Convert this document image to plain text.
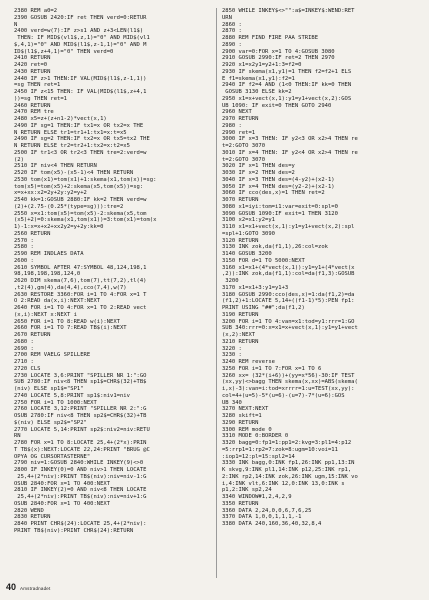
2380 REM a0=2
2390 GOSUB 2420:IF ret THEN verd=0:RETUR
N
2400 verd=w(7):IF z>s1 AND z+3<LEN(l1$)
THEN: IF MID$(vl1$,z,1)="0" AND MID$(vl1
$,4,1)="0" AND MID$(l1$,z-1,1)="0" AND M
ID$(l1$,z+4,1)="0" THEN verd=0
2410 RETURN
2420 ret=0
2430 RETURN
2440 IF z>1 THEN:IF VAL(MID$(l1$,z-1,1))
=sg THEN ret=1
2450 IF z<15 THEN: IF VAL(MID$(l1$,z+4,1
))=sg THEN ret=1
2460 RETURN
2470 REM tre
2480 x5=z+(z+n1-2)*vect(x,1)
2490 IF sg=1 THEN:IF tx1=x OR tx2=x THE
N RETURN ELSE tr1=tr1+1:tx1=x:t=x5
2490 IF sg=2 THEN:IF tx2=x OR tx5=tx2 THE
N RETURN ELSE tr2=tr2+1:tx2=x:t2=x5
2500 IF tr1<3 OR tr2<3 THEN tre=2:verd=w
(2)
2510 IF niv<4 THEN RETURN
2520 IF tom(x5)-(x5-1)<4 THEN RETURN
2530 tom(x1)=tom(x1)+1:skema(x1,tom(x))=sg:
tom(x5)=tom(x5)+2:skema(x5,tom(x5))=sg:
x=x+xx:x2=2y+2y:y2=y+2
2540 kk=1:GOSUB 2880:IF kk=2 THEN verd=w
(2)+(2.75-(0.25*(type=sg))):tre=2
2550 x=x1:tom(x5)=tom(x5)-2:skema(x5,tom
(x5)+2)=0:skema(x1,tom(x1))=3:tom(x1)=tom(x
1)-1:x=x+x2+xx2y2=y+2y:kk=0
2560 RETURN
2570 :
2580 :
2590 REM INDLAES DATA
2600 :
2610 SYMBOL AFTER 47:SYMBOL 48,124,198,1
98,198,198,198,124,0
2620 DIM skema(7,6),tom(7),tt(7,2),tl(4)
,t2(4),gm(4),da(4,4),cco(7,4),w(7)
2630 RESTORE 3360:FOR i=1 TO 4:FOR x=1 T
O 2:READ da(x,i):NEXT:NEXT
2640 FOR i=1 TO 4:FOR x=1 TO 2:READ vect
(x,i):NEXT x:NEXT i
2650 FOR i=1 TO 8:READ w(i):NEXT
2660 FOR i=1 TO 7:READ TB$(i):NEXT
2670 RETURN
2680 :
2690 :
2700 REM VAELG SPILLERE
2710 :
2720 CLS
2730 LOCATE 3,6:PRINT "SPILLER NR 1:":GO
SUB 2780:IF niv<8 THEN sp1$=CHR$(32)+TB$
(niv) ELSE sp1$="SP1"
2740 LOCATE 5,8:PRINT sp1$:niv1=niv
2750 FOR i=1 TO 1000:NEXT
2760 LOCATE 3,12:PRINT "SPILLER NR 2:":G
OSUB 2780:IF niv<8 THEN sp2$=CHR$(32)+TB
$(niv) ELSE sp2$="SP2"
2770 LOCATE 5,14:PRINT sp2$:niv2=niv:RETU
RN
2780 FOR x=1 TO 8:LOCATE 25,4+(2*x):PRIN
T TB$(x):NEXT:LOCATE 22,24:PRINT "BRUG @C
OPYA OG CURSORTASTERNE"
2790 niv=1:GOSUB 2840:WHILE INKEY(9)<>0
2800 IF INKEY(0)=0 AND niv>1 THEN LOCATE
25,4+(2*niv):PRINT TB$(niv):niv=niv-1:G
OSUB 2840:FOR x=1 TO 400:NEXT
2810 IF INKEY(2)=0 AND niv<8 THEN LOCATE
25,4+(2*niv):PRINT TB$(niv):niv=niv+1:G
OSUB 2840:FOR x=1 TO 400:NEXT
2820 WEND
2830 RETURN
2840 PRINT CHR$(24):LOCATE 25,4+(2*niv):
PRINT TB$(niv):PRINT CHR$(24):RETURN
2850 WHILE INKEY$<>"":a$=INKEY$:WEND:RET
URN
2860 :
2870 :
2880 REM FIND FIRE PAA STRIBE
2890 :
2900 var=0:FOR x=1 TO 4:GOSUB 3080
2910 GOSUB 2990:IF ret=2 THEN 2970
2920 x1=x2y1=y2+1:3=f2=0
2930 IF skema(x1,y1)=1 THEN f2=f2+1 ELS
E f1=skema(x1,y1):f2=1
2940 IF f2=4 AND (1<0 THEN:IF kk=0 THEN
GOSUB 3130 ELSE kk=2
2950 x1=x+vect(x,1):y1=y1+vect(x,2):GOS
UB 1090: IF exit=0 THEN GOTO 2940
2960 NEXT
2970 RETURN
2980 :
2990 ret=1
3000 IF x=3 THEN: IF y2<3 OR x2>4 THEN re
t=2:GOTO 3070
3010 IF x=4 THEN: IF y2<4 OR x2>4 THEN re
t=2:GOTO 3070
3020 IF x=1 THEN des=y
3030 IF x=2 THEN des=2
3040 IF x=3 THEN des=(4-y2)+(x2-1)
3050 IF x=4 THEN des=(y2-2)+(x2-1)
3060 IF cco(des,x)=1 THEN ret=2
3070 RETURN
3080 x1=iyi:tom=i1:var=exit=0:spl=0
3090 GOSUB 1090:IF exit=1 THEN 3120
3100 x2=x1:y2=y1
3110 x1=x1+vect(x,1):y1=y1+vect(x,2):spl
=spl+1:GOTO 3090
3120 RETURN
3130 INK zok,da(f1,1),26:col=zok
3140 GOSUB 3200
3150 FOR d=1 TO 5000:NEXT
3160 x1=x1+(4*vect(x,1)):y1=y1+(4*vect(x
,2)):INK zok,da(f1,1):col=da(f1,3):GOSUB
3200
3170 x1=x1+3:y1=y1+3
3180 GOSUB 2990:cco(des,x)=1:da(f1,2)=da
(f1,2)+1:LOCATE 5,14+((f1-1)*5):PEN fp1:
PRINT USING "##";da(f1,2)
3190 RETURN
3200 FOR i=1 TO 4:van=x1:tod=y1:rrr=1:GO
SUB 340:rrr=0:x=x1=x+vect(x,1):y1=y1+vect
(x,2):NEXT
3210 RETURN
3220 :
3230 :
3240 REM reverse
3250 FOR i=1 TO 7:FOR x=1 TO 6
3260 xx= (32*(i+6))+(yy=x*56)-30:IF TEST
(xx,yy)<>bagg THEN skema(x,xx)=ABS(skema(
i,x)-3):van=i:tod=xrrrr=1:u=TEST(xx,yy):
col=4+(u=5)-5*(u=6)-(u=7)-7*(u=6):GOS
UB 340
3270 NEXT:NEXT
3280 skift=1
3290 RETURN
3300 REM mode 0
3310 MODE 0:BORDER 0
3320 bagg=0:fp1=1:pp1=2:kvg=3:pl1=4:p12
=5:rrp1=1:rp2=7:zok=8:ugm=10:voi=11
:iop1=12:pl=15:spl2=14
3330 INK bagg,0:INK fp1,26:INK pp1,13:IN
K skvg,9:INK pl1,14:INK p12,25:INK rp1,
2:INK rp2,14:INK zok,26:INK ugm,15:INK vo
i,4:INK vlt,6:INK 12,0:INK 13,0:INK s
p1,2:INK sp2,24
3340 WINDOW#1,2,4,2,9
3350 RETURN
3360 DATA 2,24,0,0,6,7,6,25
3370 DATA 1,0,0,1,1,1,-1
3380 DATA 240,160,36,40,32,8,4
40 Amstradnadet
